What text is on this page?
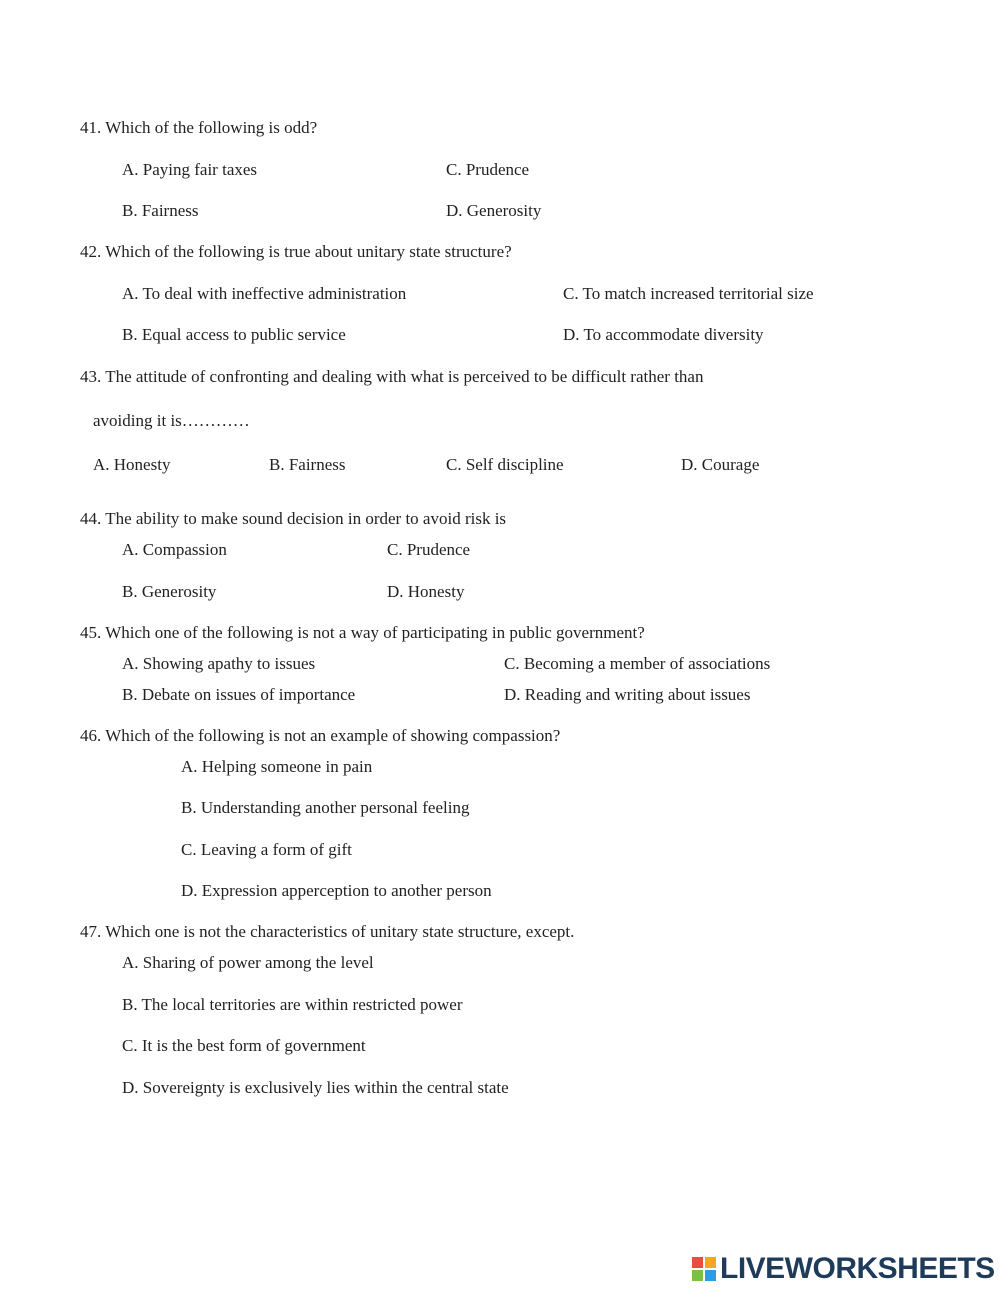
41. Which of the following is odd?
A. Paying fair taxes	C. Prudence
B. Fairness	D. Generosity
42. Which of the following is true about unitary state structure?
A. To deal with ineffective administration	C. To match increased territorial size
B. Equal access to public service	D. To accommodate diversity
43. The attitude of confronting and dealing with what is perceived to be difficult rather than
avoiding it is…………
A. Honesty	B. Fairness	C. Self discipline	D. Courage
44. The ability to make sound decision in order to avoid risk is
A. Compassion	C. Prudence
B. Generosity	D. Honesty
45. Which one of the following is not a way of participating in public government?
A. Showing apathy to issues	C. Becoming a member of associations
B. Debate on issues of importance	D. Reading and writing about issues
46. Which of the following is not an example of showing compassion?
A. Helping someone in pain
B. Understanding another personal feeling
C. Leaving a form of gift
D. Expression apperception to another person
47. Which one is not the characteristics of unitary state structure, except.
A. Sharing of power among the level
B. The local territories are within restricted power
C. It is the best form of government
D. Sovereignty is exclusively lies within the central state
LIVEWORKSHEETS
